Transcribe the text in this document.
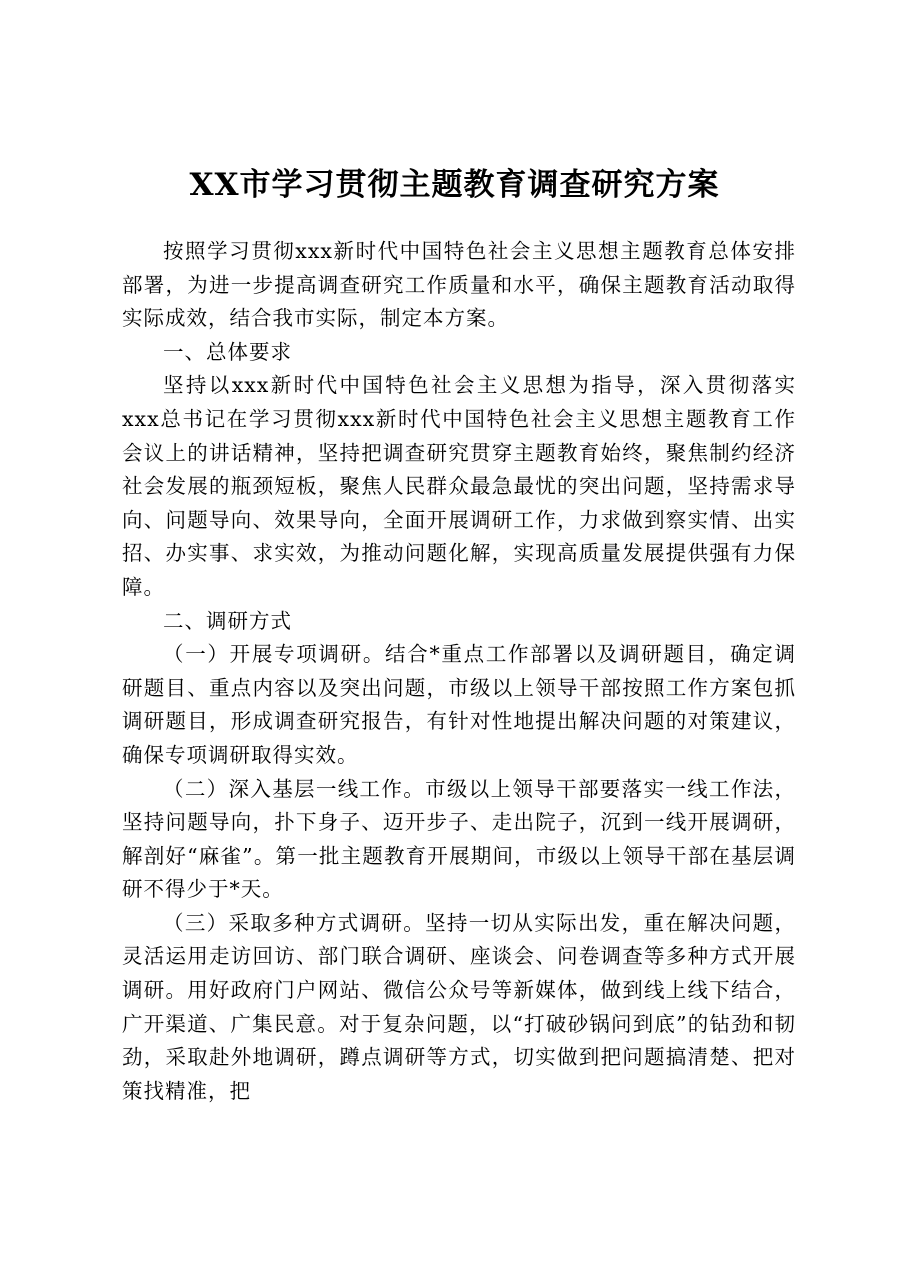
XX市学习贯彻主题教育调查研究方案

按照学习贯彻xxx新时代中国特色社会主义思想主题教育总体安排部署，为进一步提高调查研究工作质量和水平，确保主题教育活动取得实际成效，结合我市实际，制定本方案。

一、总体要求

坚持以xxx新时代中国特色社会主义思想为指导，深入贯彻落实xxx总书记在学习贯彻xxx新时代中国特色社会主义思想主题教育工作会议上的讲话精神，坚持把调查研究贯穿主题教育始终，聚焦制约经济社会发展的瓶颈短板，聚焦人民群众最急最忧的突出问题，坚持需求导向、问题导向、效果导向，全面开展调研工作，力求做到察实情、出实招、办实事、求实效，为推动问题化解，实现高质量发展提供强有力保障。

二、调研方式

（一）开展专项调研。结合*重点工作部署以及调研题目，确定调研题目、重点内容以及突出问题，市级以上领导干部按照工作方案包抓调研题目，形成调查研究报告，有针对性地提出解决问题的对策建议，确保专项调研取得实效。

（二）深入基层一线工作。市级以上领导干部要落实一线工作法，坚持问题导向，扑下身子、迈开步子、走出院子，沉到一线开展调研，解剖好“麻雀”。第一批主题教育开展期间，市级以上领导干部在基层调研不得少于*天。

（三）采取多种方式调研。坚持一切从实际出发，重在解决问题，灵活运用走访回访、部门联合调研、座谈会、问卷调查等多种方式开展调研。用好政府门户网站、微信公众号等新媒体，做到线上线下结合，广开渠道、广集民意。对于复杂问题，以“打破砂锅问到底”的钻劲和韧劲，采取赴外地调研，蹲点调研等方式，切实做到把问题搞清楚、把对策找精准，把
